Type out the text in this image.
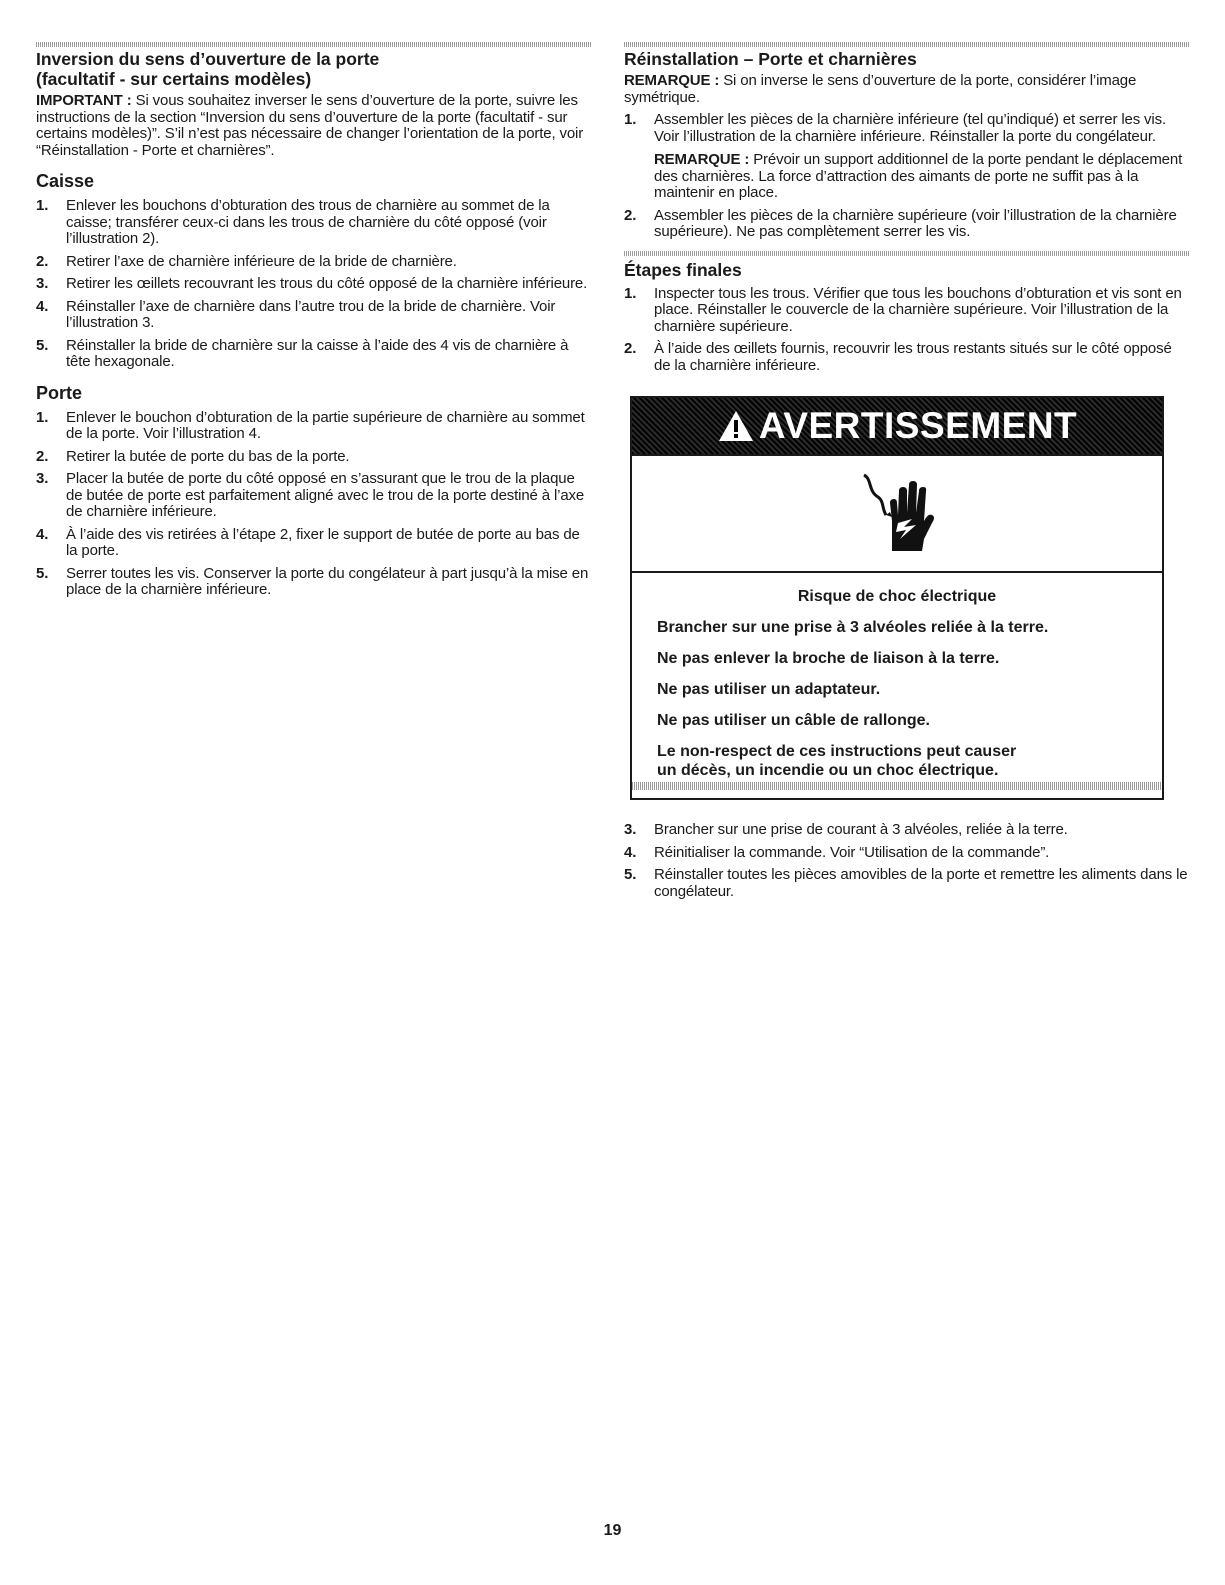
Inversion du sens d’ouverture de la porte
(facultatif - sur certains modèles)

IMPORTANT : Si vous souhaitez inverser le sens d’ouverture de la porte, suivre les instructions de la section “Inversion du sens d’ouverture de la porte (facultatif - sur certains modèles)”. S’il n’est pas nécessaire de changer l’orientation de la porte, voir “Réinstallation - Porte et charnières”.

Caisse
1. Enlever les bouchons d’obturation des trous de charnière au sommet de la caisse; transférer ceux-ci dans les trous de charnière du côté opposé (voir l’illustration 2).
2. Retirer l’axe de charnière inférieure de la bride de charnière.
3. Retirer les œillets recouvrant les trous du côté opposé de la charnière inférieure.
4. Réinstaller l’axe de charnière dans l’autre trou de la bride de charnière. Voir l’illustration 3.
5. Réinstaller la bride de charnière sur la caisse à l’aide des 4 vis de charnière à tête hexagonale.
Porte
1. Enlever le bouchon d’obturation de la partie supérieure de charnière au sommet de la porte. Voir l’illustration 4.
2. Retirer la butée de porte du bas de la porte.
3. Placer la butée de porte du côté opposé en s’assurant que le trou de la plaque de butée de porte est parfaitement aligné avec le trou de la porte destiné à l’axe de charnière inférieure.
4. À l’aide des vis retirées à l’étape 2, fixer le support de butée de porte au bas de la porte.
5. Serrer toutes les vis. Conserver la porte du congélateur à part jusqu’à la mise en place de la charnière inférieure.
Réinstallation – Porte et charnières

REMARQUE : Si on inverse le sens d’ouverture de la porte, considérer l’image symétrique.

1. Assembler les pièces de la charnière inférieure (tel qu’indiqué) et serrer les vis. Voir l’illustration de la charnière inférieure. Réinstaller la porte du congélateur.
REMARQUE : Prévoir un support additionnel de la porte pendant le déplacement des charnières. La force d’attraction des aimants de porte ne suffit pas à la maintenir en place.
2. Assembler les pièces de la charnière supérieure (voir l’illustration de la charnière supérieure). Ne pas complètement serrer les vis.
Étapes finales
1. Inspecter tous les trous. Vérifier que tous les bouchons d’obturation et vis sont en place. Réinstaller le couvercle de la charnière supérieure. Voir l’illustration de la charnière supérieure.
2. À l’aide des œillets fournis, recouvrir les trous restants situés sur le côté opposé de la charnière inférieure.
AVERTISSEMENT
Risque de choc électrique
Brancher sur une prise à 3 alvéoles reliée à la terre.
Ne pas enlever la broche de liaison à la terre.
Ne pas utiliser un adaptateur.
Ne pas utiliser un câble de rallonge.
Le non-respect de ces instructions peut causer
un décès, un incendie ou un choc électrique.
3. Brancher sur une prise de courant à 3 alvéoles, reliée à la terre.
4. Réinitialiser la commande. Voir “Utilisation de la commande”.
5. Réinstaller toutes les pièces amovibles de la porte et remettre les aliments dans le congélateur.
19
